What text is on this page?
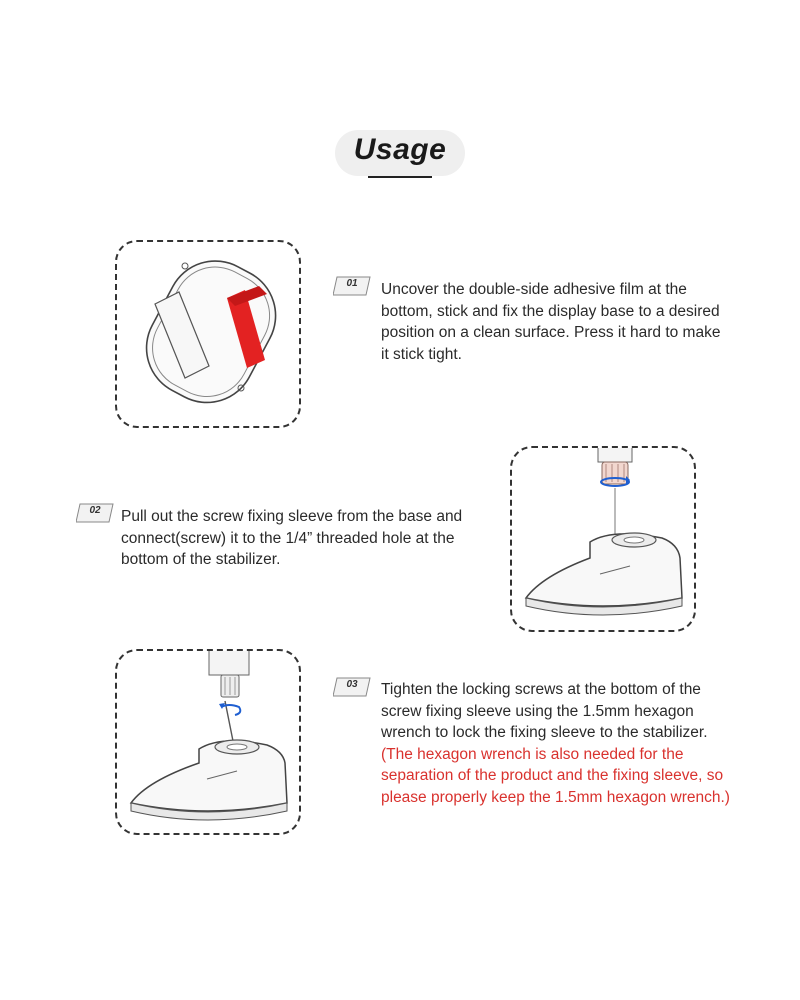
Usage
01	Uncover the double-side adhesive film at the bottom, stick and fix the display base to a desired position on a clean surface. Press it hard to make it stick tight.
02	Pull out the screw fixing sleeve from the base and connect(screw) it to the 1/4” threaded hole at the bottom of the stabilizer.
03	Tighten the locking screws at the bottom of the screw fixing sleeve using the 1.5mm hexagon wrench to lock the fixing sleeve to the stabilizer.
(The hexagon wrench is also needed for the separation of the product and the fixing sleeve, so please properly keep the 1.5mm hexagon wrench.)
